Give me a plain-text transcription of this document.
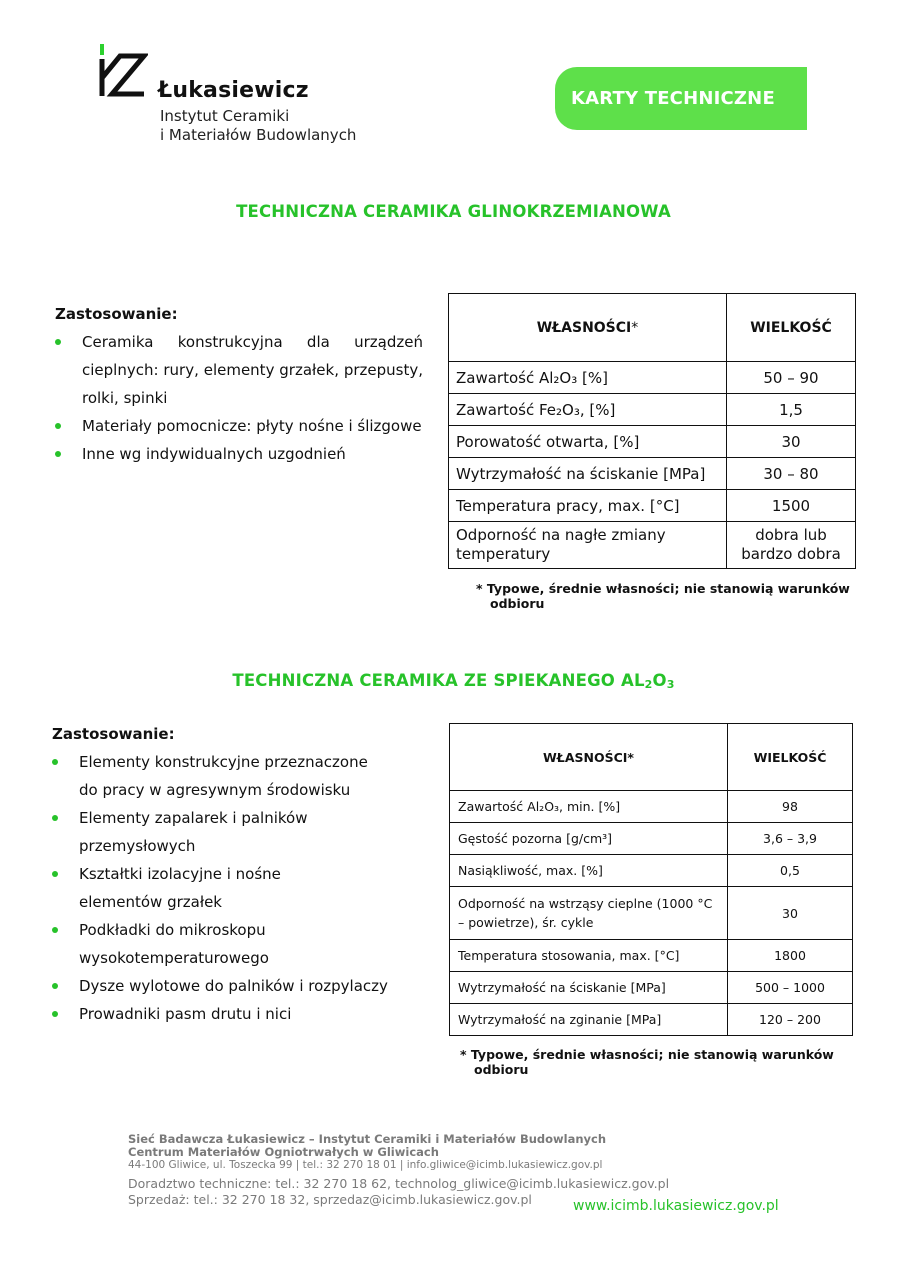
Łukasiewicz
Instytut Ceramiki
i Materiałów Budowlanych
KARTY TECHNICZNE
TECHNICZNA CERAMIKA GLINOKRZEMIANOWA
Zastosowanie:
Ceramika konstrukcyjna dla urządzeń cieplnych: rury, elementy grzałek, przepusty, rolki, spinki
Materiały pomocnicze: płyty nośne i ślizgowe
Inne wg indywidualnych uzgodnień
WŁASNOŚCI*	WIELKOŚĆ
Zawartość Al₂O₃ [%]	50 – 90
Zawartość Fe₂O₃, [%]	1,5
Porowatość otwarta, [%]	30
Wytrzymałość na ściskanie [MPa]	30 – 80
Temperatura pracy, max. [°C]	1500
Odporność na nagłe zmiany temperatury	dobra lub bardzo dobra
* Typowe, średnie własności; nie stanowią warunków
odbioru
TECHNICZNA CERAMIKA ZE SPIEKANEGO AL2O3
Zastosowanie:
Elementy konstrukcyjne przeznaczone
do pracy w agresywnym środowisku
Elementy zapalarek i palników
przemysłowych
Kształtki izolacyjne i nośne
elementów grzałek
Podkładki do mikroskopu
wysokotemperaturowego
Dysze wylotowe do palników i rozpylaczy
Prowadniki pasm drutu i nici
WŁASNOŚCI*	WIELKOŚĆ
Zawartość Al₂O₃, min. [%]	98
Gęstość pozorna [g/cm³]	3,6 – 3,9
Nasiąkliwość, max. [%]	0,5
Odporność na wstrząsy cieplne (1000 °C – powietrze), śr. cykle	30
Temperatura stosowania, max. [°C]	1800
Wytrzymałość na ściskanie [MPa]	500 – 1000
Wytrzymałość na zginanie [MPa]	120 – 200
* Typowe, średnie własności; nie stanowią warunków
odbioru
Sieć Badawcza Łukasiewicz – Instytut Ceramiki i Materiałów Budowlanych
Centrum Materiałów Ogniotrwałych w Gliwicach
44-100 Gliwice, ul. Toszecka 99 | tel.: 32 270 18 01 | info.gliwice@icimb.lukasiewicz.gov.pl
Doradztwo techniczne: tel.: 32 270 18 62, technolog_gliwice@icimb.lukasiewicz.gov.pl
Sprzedaż: tel.: 32 270 18 32, sprzedaz@icimb.lukasiewicz.gov.pl	www.icimb.lukasiewicz.gov.pl
